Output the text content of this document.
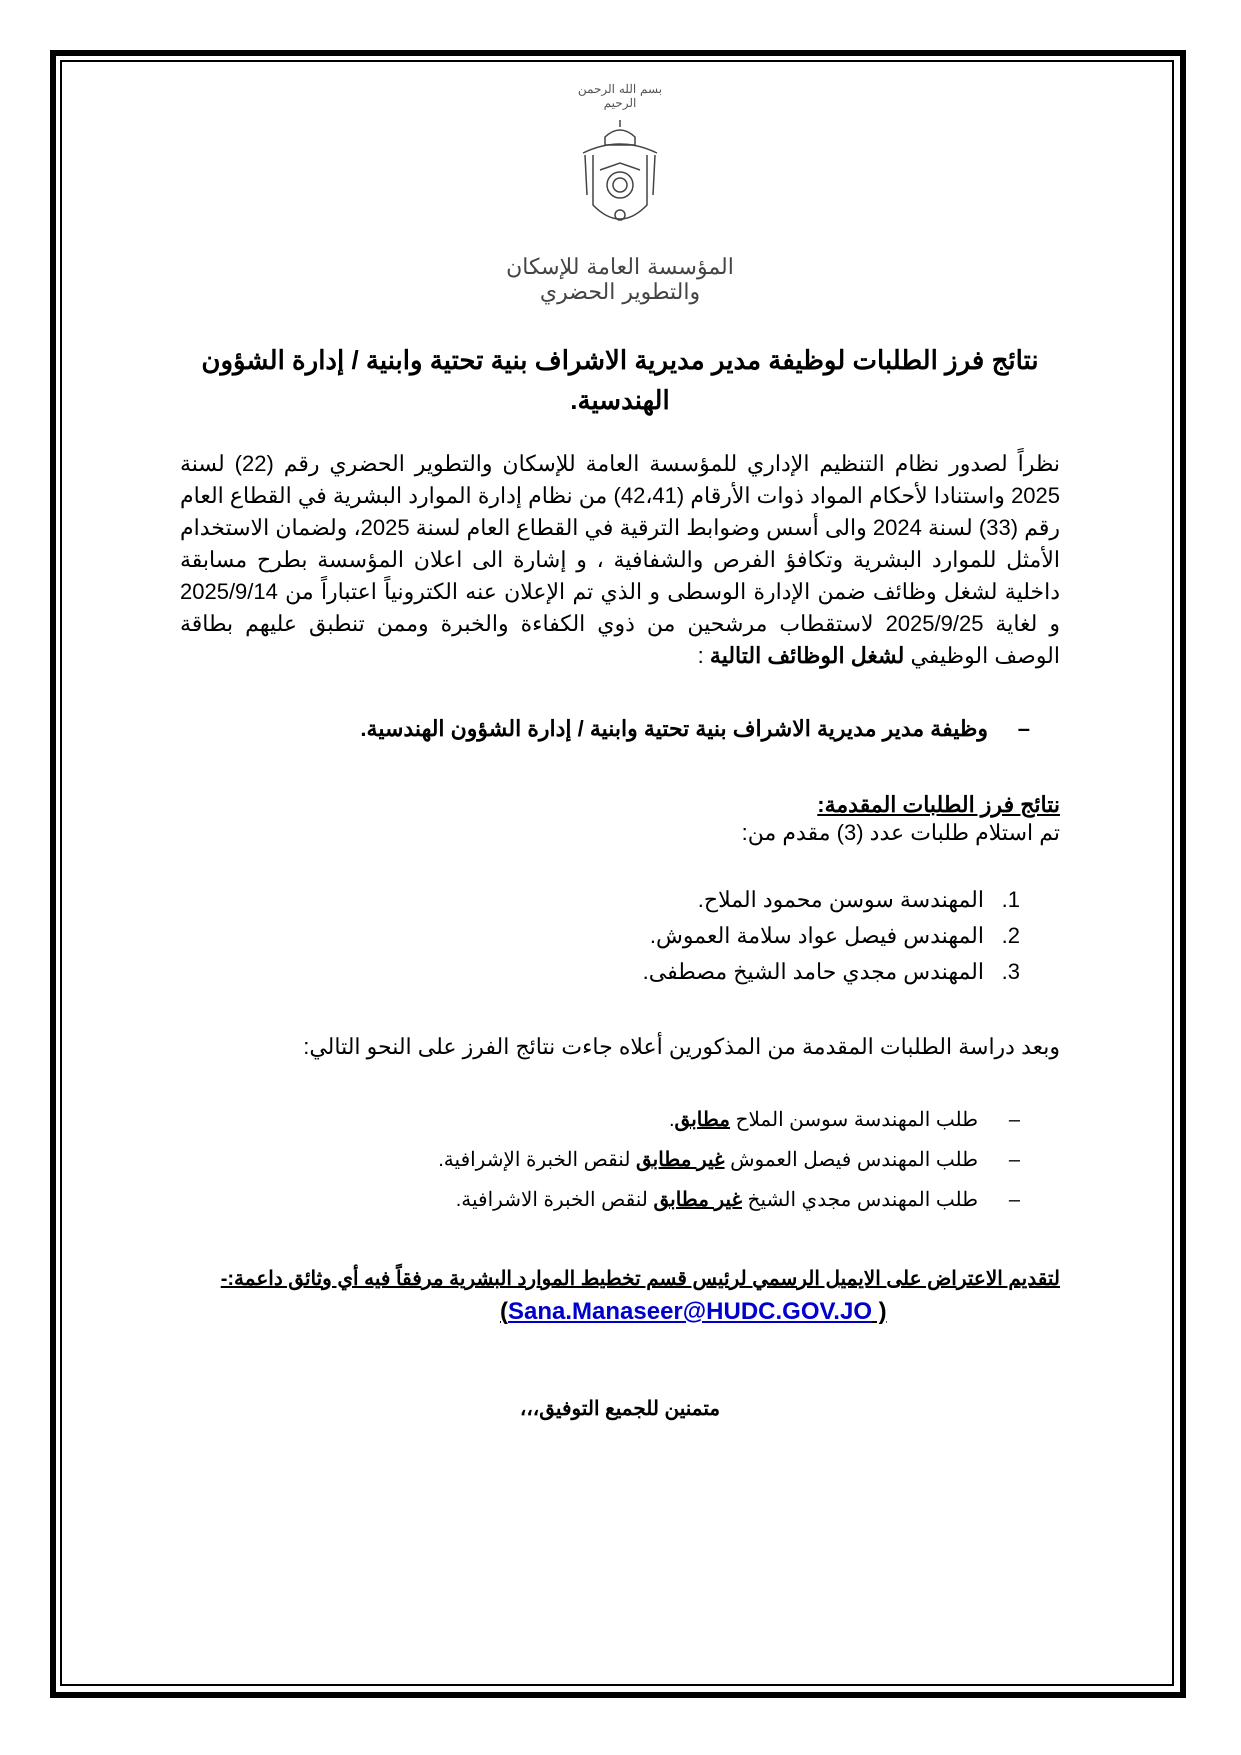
بسم الله الرحمن الرحيم
المؤسسة العامة للإسكان والتطوير الحضري
نتائج فرز الطلبات لوظيفة مدير مديرية الاشراف بنية تحتية وابنية / إدارة الشؤون الهندسية.

نظراً لصدور نظام التنظيم الإداري للمؤسسة العامة للإسكان والتطوير الحضري رقم (22) لسنة 2025 واستنادا لأحكام المواد ذوات الأرقام (42،41) من نظام إدارة الموارد البشرية في القطاع العام رقم (33) لسنة 2024 والى أسس وضوابط الترقية في القطاع العام لسنة 2025، ولضمان الاستخدام الأمثل للموارد البشرية وتكافؤ الفرص والشفافية ، و إشارة الى اعلان المؤسسة بطرح مسابقة داخلية لشغل وظائف ضمن الإدارة الوسطى و الذي تم الإعلان عنه الكترونياً اعتباراً من 2025/9/14 و لغاية 2025/9/25 لاستقطاب مرشحين من ذوي الكفاءة والخبرة وممن تنطبق عليهم بطاقة الوصف الوظيفي لشغل الوظائف التالية :

–وظيفة مدير مديرية الاشراف بنية تحتية وابنية / إدارة الشؤون الهندسية.

نتائج فرز الطلبات المقدمة:

تم استلام طلبات عدد (3) مقدم من:

1.المهندسة سوسن محمود الملاح.
2.المهندس فيصل عواد سلامة العموش.
3.المهندس مجدي حامد الشيخ مصطفى.

وبعد دراسة الطلبات المقدمة من المذكورين أعلاه جاءت نتائج الفرز على النحو التالي:

–طلب المهندسة سوسن الملاح مطابق.
–طلب المهندس فيصل العموش غير مطابق لنقص الخبرة الإشرافية.
–طلب المهندس مجدي الشيخ غير مطابق لنقص الخبرة الاشرافية.

لتقديم الاعتراض على الايميل الرسمي لرئيس قسم تخطيط الموارد البشرية مرفقاً فيه أي وثائق داعمة:-

(Sana.Manaseer@HUDC.GOV.JO )

متمنين للجميع التوفيق،،،
